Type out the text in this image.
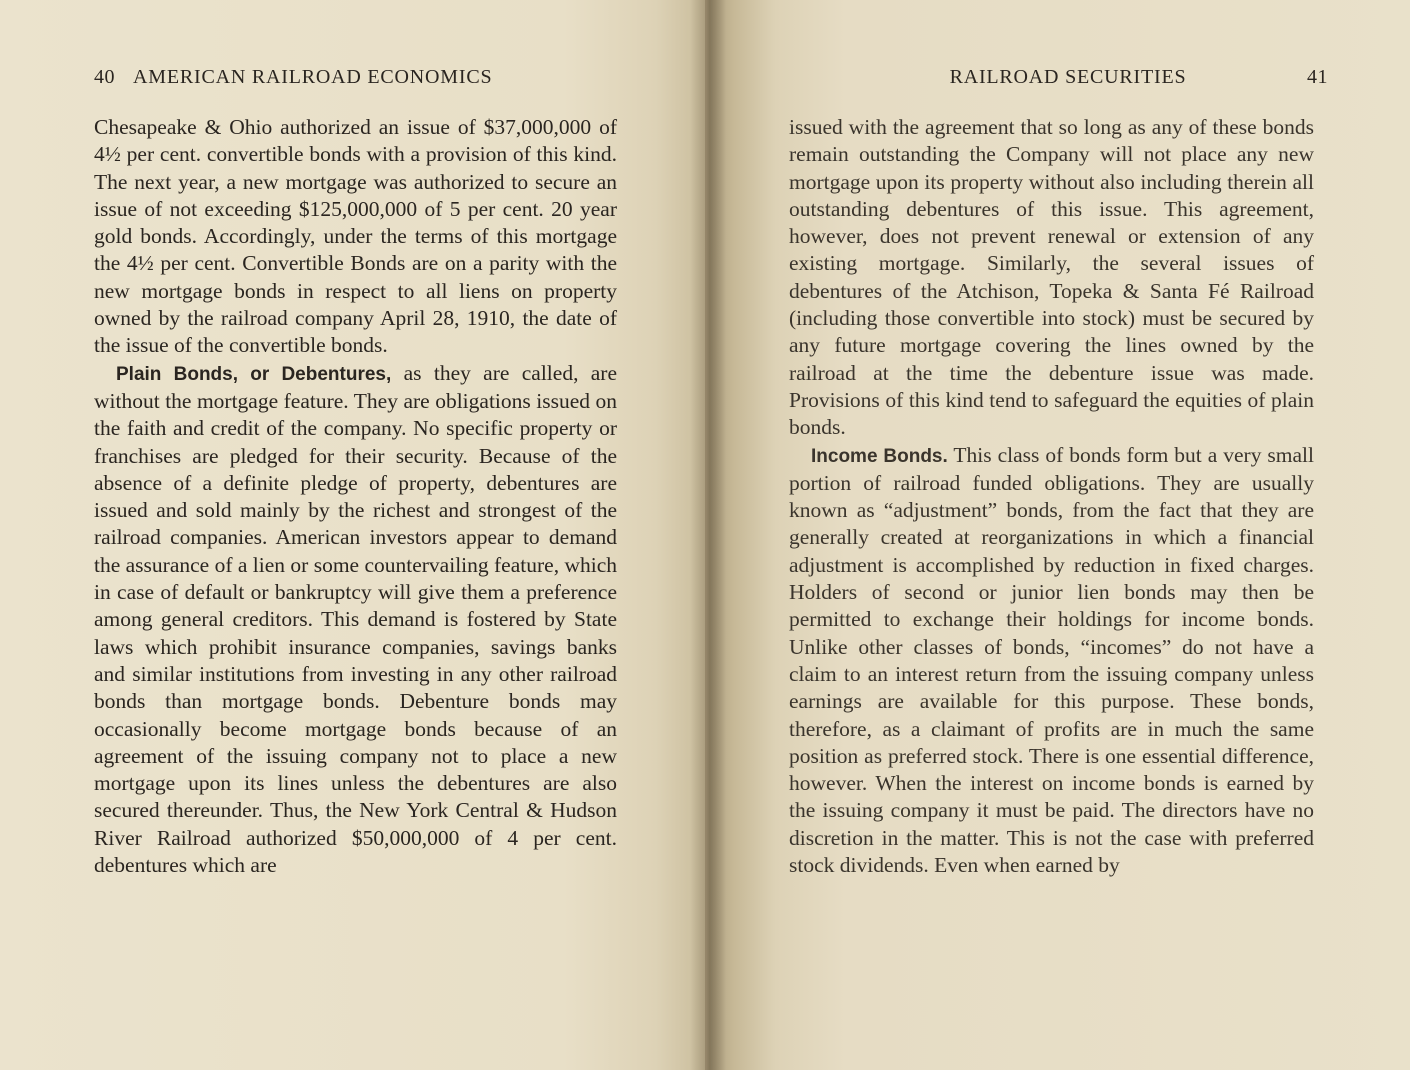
40 AMERICAN RAILROAD ECONOMICS

Chesapeake & Ohio authorized an issue of $37,000,000 of 4½ per cent. convertible bonds with a provision of this kind. The next year, a new mortgage was authorized to secure an issue of not exceeding $125,000,000 of 5 per cent. 20 year gold bonds. Accordingly, under the terms of this mortgage the 4½ per cent. Convertible Bonds are on a parity with the new mortgage bonds in respect to all liens on property owned by the railroad company April 28, 1910, the date of the issue of the convertible bonds.

Plain Bonds, or Debentures, as they are called, are without the mortgage feature. They are obligations issued on the faith and credit of the company. No specific property or franchises are pledged for their security. Because of the absence of a definite pledge of property, debentures are issued and sold mainly by the richest and strongest of the railroad companies. American investors appear to demand the assurance of a lien or some countervailing feature, which in case of default or bankruptcy will give them a preference among general creditors. This demand is fostered by State laws which prohibit insurance companies, savings banks and similar institutions from investing in any other railroad bonds than mortgage bonds. Debenture bonds may occasionally become mortgage bonds because of an agreement of the issuing company not to place a new mortgage upon its lines unless the debentures are also secured thereunder. Thus, the New York Central & Hudson River Railroad authorized $50,000,000 of 4 per cent. debentures which are

RAILROAD SECURITIES	41

issued with the agreement that so long as any of these bonds remain outstanding the Company will not place any new mortgage upon its property without also including therein all outstanding debentures of this issue. This agreement, however, does not prevent renewal or extension of any existing mortgage. Similarly, the several issues of debentures of the Atchison, Topeka & Santa Fé Railroad (including those convertible into stock) must be secured by any future mortgage covering the lines owned by the railroad at the time the debenture issue was made. Provisions of this kind tend to safeguard the equities of plain bonds.

Income Bonds. This class of bonds form but a very small portion of railroad funded obligations. They are usually known as “adjustment” bonds, from the fact that they are generally created at reorganizations in which a financial adjustment is accomplished by reduction in fixed charges. Holders of second or junior lien bonds may then be permitted to exchange their holdings for income bonds. Unlike other classes of bonds, “incomes” do not have a claim to an interest return from the issuing company unless earnings are available for this purpose. These bonds, therefore, as a claimant of profits are in much the same position as preferred stock. There is one essential difference, however. When the interest on income bonds is earned by the issuing company it must be paid. The directors have no discretion in the matter. This is not the case with preferred stock dividends. Even when earned by
